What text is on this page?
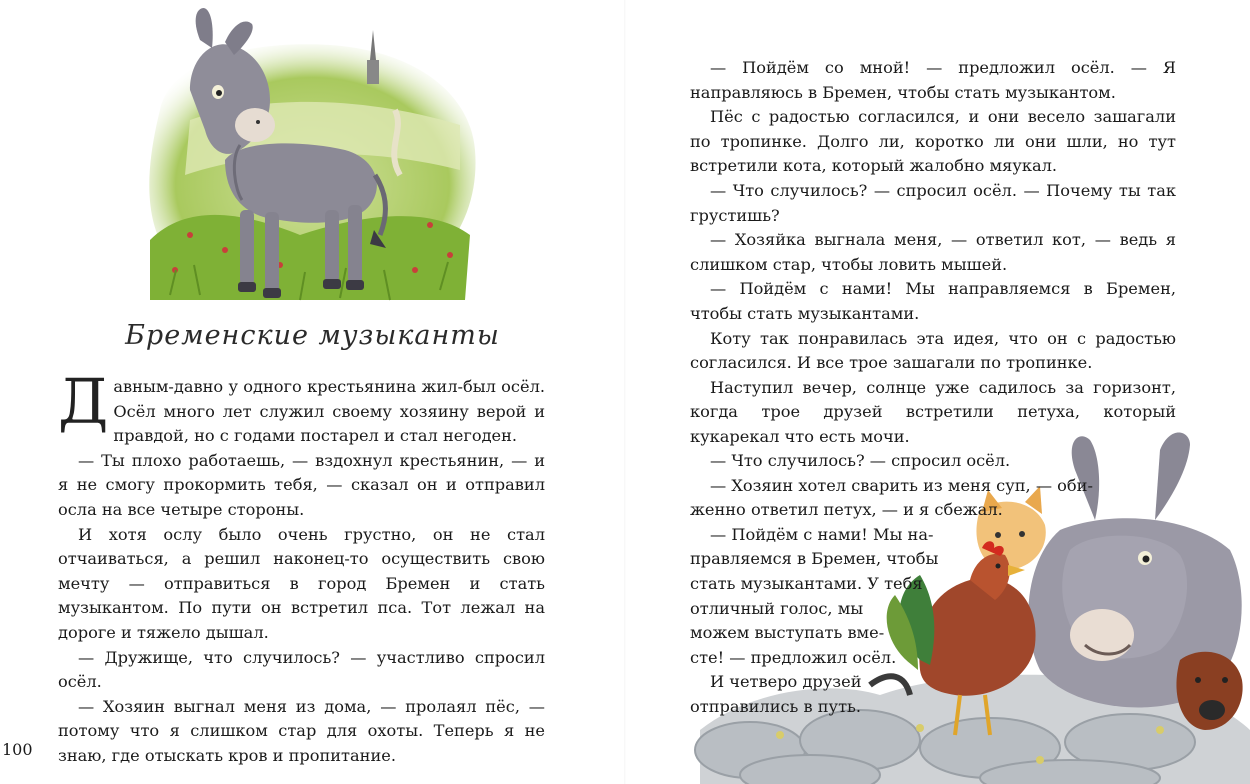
Бременские музыканты

Давным-давно у одного крестьянина жил-был осёл. Осёл много лет служил своему хозяину верой и правдой, но с годами постарел и стал негоден.

— Ты плохо работаешь, — вздохнул крестьянин, — и я не смогу прокормить тебя, — сказал он и отправил осла на все четыре стороны.

И хотя ослу было очень грустно, он не стал отчаиваться, а решил наконец-то осуществить свою мечту — отправиться в город Бремен и стать музыкантом. По пути он встретил пса. Тот лежал на дороге и тяжело дышал.

— Дружище, что случилось? — участливо спросил осёл.

— Хозяин выгнал меня из дома, — пролаял пёс, — потому что я слишком стар для охоты. Теперь я не знаю, где отыскать кров и пропитание.

— Пойдём со мной! — предложил осёл. — Я направляюсь в Бремен, чтобы стать музыкантом.

Пёс с радостью согласился, и они весело зашагали по тропинке. Долго ли, коротко ли они шли, но тут встретили кота, который жалобно мяукал.

— Что случилось? — спросил осёл. — Почему ты так грустишь?

— Хозяйка выгнала меня, — ответил кот, — ведь я слишком стар, чтобы ловить мышей.

— Пойдём с нами! Мы направляемся в Бремен, чтобы стать музыкантами.

Коту так понравилась эта идея, что он с радостью согласился. И все трое зашагали по тропинке.

Наступил вечер, солнце уже садилось за горизонт, когда трое друзей встретили петуха, который кукарекал что есть мочи.

— Что случилось? — спросил осёл.
— Хозяин хотел сварить из меня суп, — оби-
женно ответил петух, — и я сбежал.
— Пойдём с нами! Мы на-
правляемся в Бремен, чтобы
стать музыкантами. У тебя
отличный голос, мы
можем выступать вме-
сте! — предложил осёл.
И четверо друзей
отправились в путь.
100
